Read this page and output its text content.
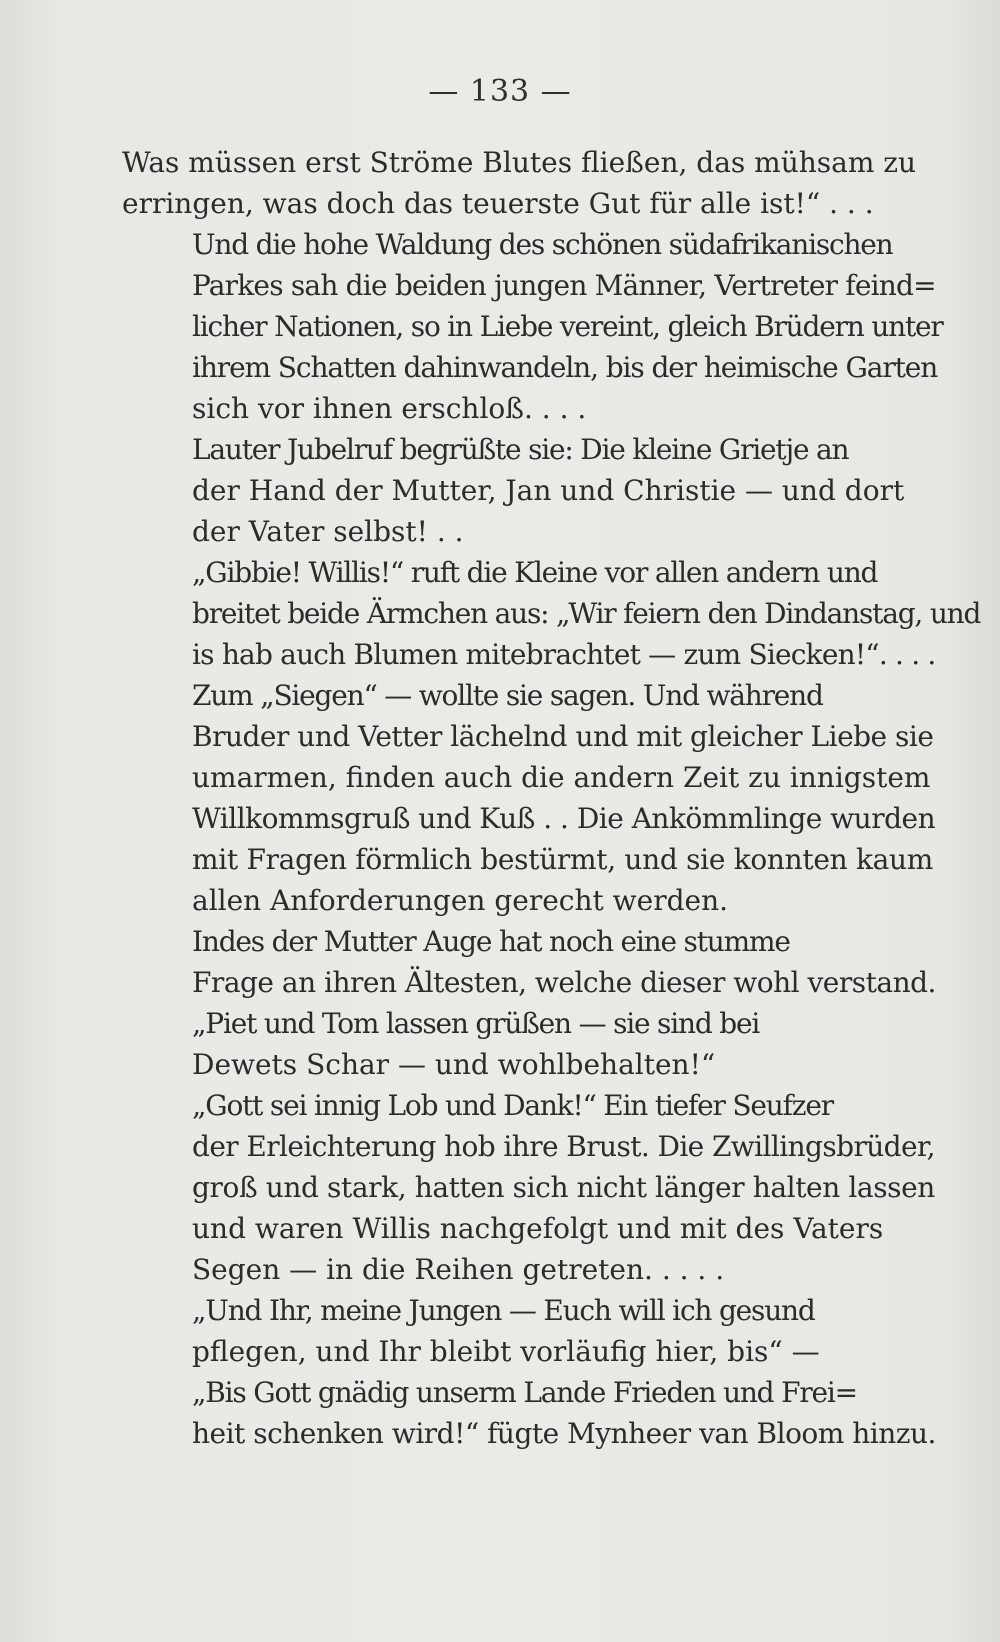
— 133 —

Was müssen erst Ströme Blutes fließen, das mühsam zu
erringen, was doch das teuerste Gut für alle ist!“ . . .

Und die hohe Waldung des schönen südafrikanischen
Parkes sah die beiden jungen Männer, Vertreter feind=
licher Nationen, so in Liebe vereint, gleich Brüdern unter
ihrem Schatten dahinwandeln, bis der heimische Garten
sich vor ihnen erschloß. . . .

Lauter Jubelruf begrüßte sie: Die kleine Grietje an
der Hand der Mutter, Jan und Christie — und dort
der Vater selbst! . .

„Gibbie! Willis!“ ruft die Kleine vor allen andern und
breitet beide Ärmchen aus: „Wir feiern den Dindanstag, und
is hab auch Blumen mitebrachtet — zum Siecken!“. . . .

Zum „Siegen“ — wollte sie sagen. Und während
Bruder und Vetter lächelnd und mit gleicher Liebe sie
umarmen, finden auch die andern Zeit zu innigstem
Willkommsgruß und Kuß . . Die Ankömmlinge wurden
mit Fragen förmlich bestürmt, und sie konnten kaum
allen Anforderungen gerecht werden.

Indes der Mutter Auge hat noch eine stumme
Frage an ihren Ältesten, welche dieser wohl verstand.

„Piet und Tom lassen grüßen — sie sind bei
Dewets Schar — und wohlbehalten!“

„Gott sei innig Lob und Dank!“ Ein tiefer Seufzer
der Erleichterung hob ihre Brust. Die Zwillingsbrüder,
groß und stark, hatten sich nicht länger halten lassen
und waren Willis nachgefolgt und mit des Vaters
Segen — in die Reihen getreten. . . . .

„Und Ihr, meine Jungen — Euch will ich gesund
pflegen, und Ihr bleibt vorläufig hier, bis“ —

„Bis Gott gnädig unserm Lande Frieden und Frei=
heit schenken wird!“ fügte Mynheer van Bloom hinzu.
